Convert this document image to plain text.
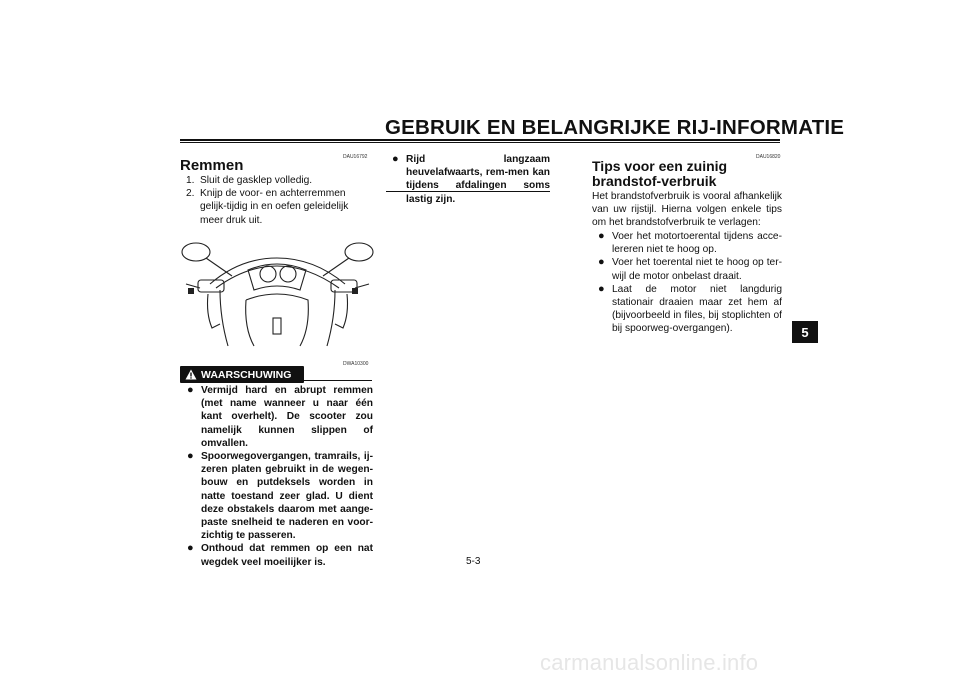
GEBRUIK EN BELANGRIJKE RIJ-INFORMATIE
DAU16792
Remmen
1. Sluit de gasklep volledig.
2. Knijp de voor- en achterremmen gelijk-tijdig in en oefen geleidelijk meer druk uit.
DWA10300
WAARSCHUWING

● Vermijd hard en abrupt remmen (met name wanneer u naar één kant overhelt). De scooter zou namelijk kunnen slippen of omvallen.

● Spoorwegovergangen, tramrails, ij-zeren platen gebruikt in de wegen-bouw en putdeksels worden in natte toestand zeer glad. U dient deze obstakels daarom met aange-paste snelheid te naderen en voor-zichtig te passeren.

● Onthoud dat remmen op een nat wegdek veel moeilijker is.

● Rijd langzaam heuvelafwaarts, rem-men kan tijdens afdalingen soms lastig zijn.

DAU16820
Tips voor een zuinig brandstof-verbruik
Het brandstofverbruik is vooral afhankelijk van uw rijstijl. Hierna volgen enkele tips om het brandstofverbruik te verlagen:

● Voer het motortoerental tijdens acce-lereren niet te hoog op.

● Voer het toerental niet te hoog op ter-wijl de motor onbelast draait.

● Laat de motor niet langdurig stationair draaien maar zet hem af (bijvoorbeeld in files, bij stoplichten of bij spoorweg-overgangen).	5
5-3
carmanualsonline.info
